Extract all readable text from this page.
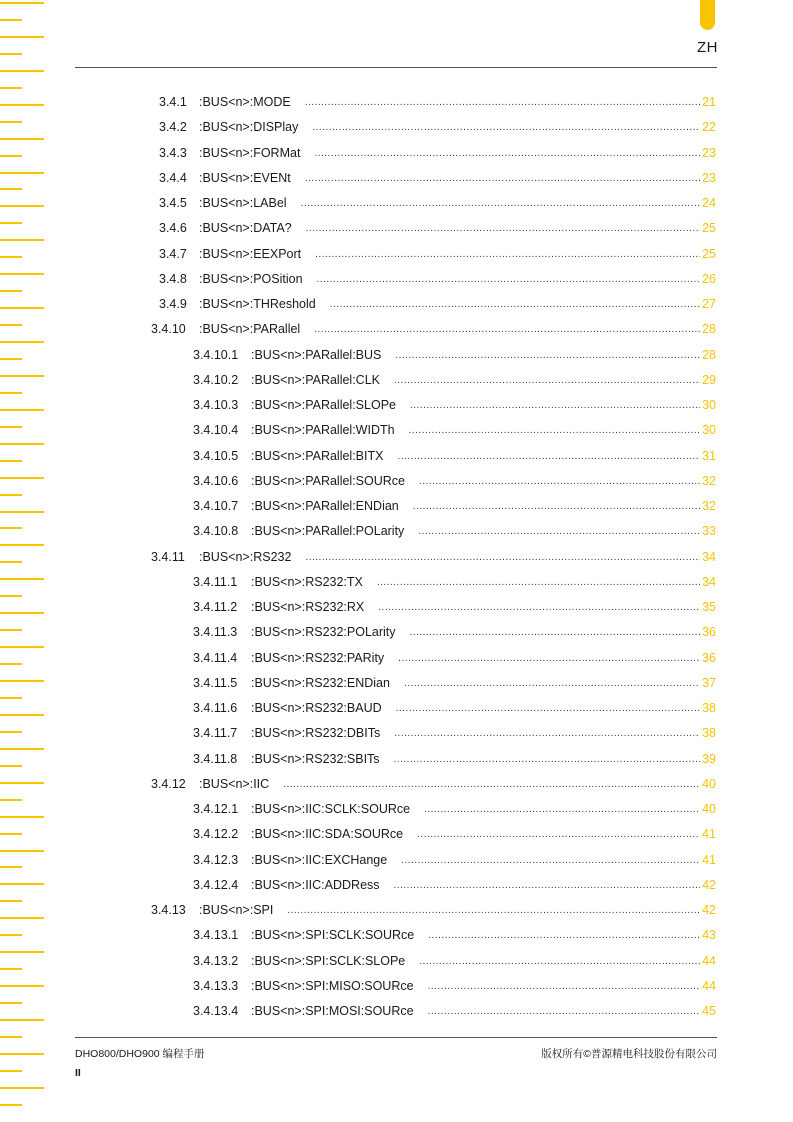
ZH
3.4.1 :BUS<n>:MODE .....	21
3.4.2 :BUS<n>:DISPlay .....	22
3.4.3 :BUS<n>:FORMat .....	23
3.4.4 :BUS<n>:EVENt .....	23
3.4.5 :BUS<n>:LABel .....	24
3.4.6 :BUS<n>:DATA? .....	25
3.4.7 :BUS<n>:EEXPort .....	25
3.4.8 :BUS<n>:POSition .....	26
3.4.9 :BUS<n>:THReshold .....	27
3.4.10	:BUS<n>:PARallel .....	28
3.4.10.1	:BUS<n>:PARallel:BUS .....	28
3.4.10.2	:BUS<n>:PARallel:CLK .....	29
3.4.10.3	:BUS<n>:PARallel:SLOPe .....	30
3.4.10.4	:BUS<n>:PARallel:WIDTh .....	30
3.4.10.5	:BUS<n>:PARallel:BITX .....	31
3.4.10.6	:BUS<n>:PARallel:SOURce .....	32
3.4.10.7	:BUS<n>:PARallel:ENDian .....	32
3.4.10.8	:BUS<n>:PARallel:POLarity .....	33
3.4.11	:BUS<n>:RS232 .....	34
3.4.11.1	:BUS<n>:RS232:TX .....	34
3.4.11.2	:BUS<n>:RS232:RX .....	35
3.4.11.3	:BUS<n>:RS232:POLarity .....	36
3.4.11.4	:BUS<n>:RS232:PARity .....	36
3.4.11.5	:BUS<n>:RS232:ENDian .....	37
3.4.11.6	:BUS<n>:RS232:BAUD .....	38
3.4.11.7	:BUS<n>:RS232:DBITs .....	38
3.4.11.8	:BUS<n>:RS232:SBITs .....	39
3.4.12	:BUS<n>:IIC .....	40
3.4.12.1	:BUS<n>:IIC:SCLK:SOURce .....	40
3.4.12.2	:BUS<n>:IIC:SDA:SOURce .....	41
3.4.12.3	:BUS<n>:IIC:EXCHange .....	41
3.4.12.4	:BUS<n>:IIC:ADDRess .....	42
3.4.13	:BUS<n>:SPI .....	42
3.4.13.1	:BUS<n>:SPI:SCLK:SOURce .....	43
3.4.13.2	:BUS<n>:SPI:SCLK:SLOPe .....	44
3.4.13.3	:BUS<n>:SPI:MISO:SOURce .....	44
3.4.13.4	:BUS<n>:SPI:MOSI:SOURce .....	45
DHO800/DHO900 编程手册	版权所有©普源精电科技股份有限公司
II
